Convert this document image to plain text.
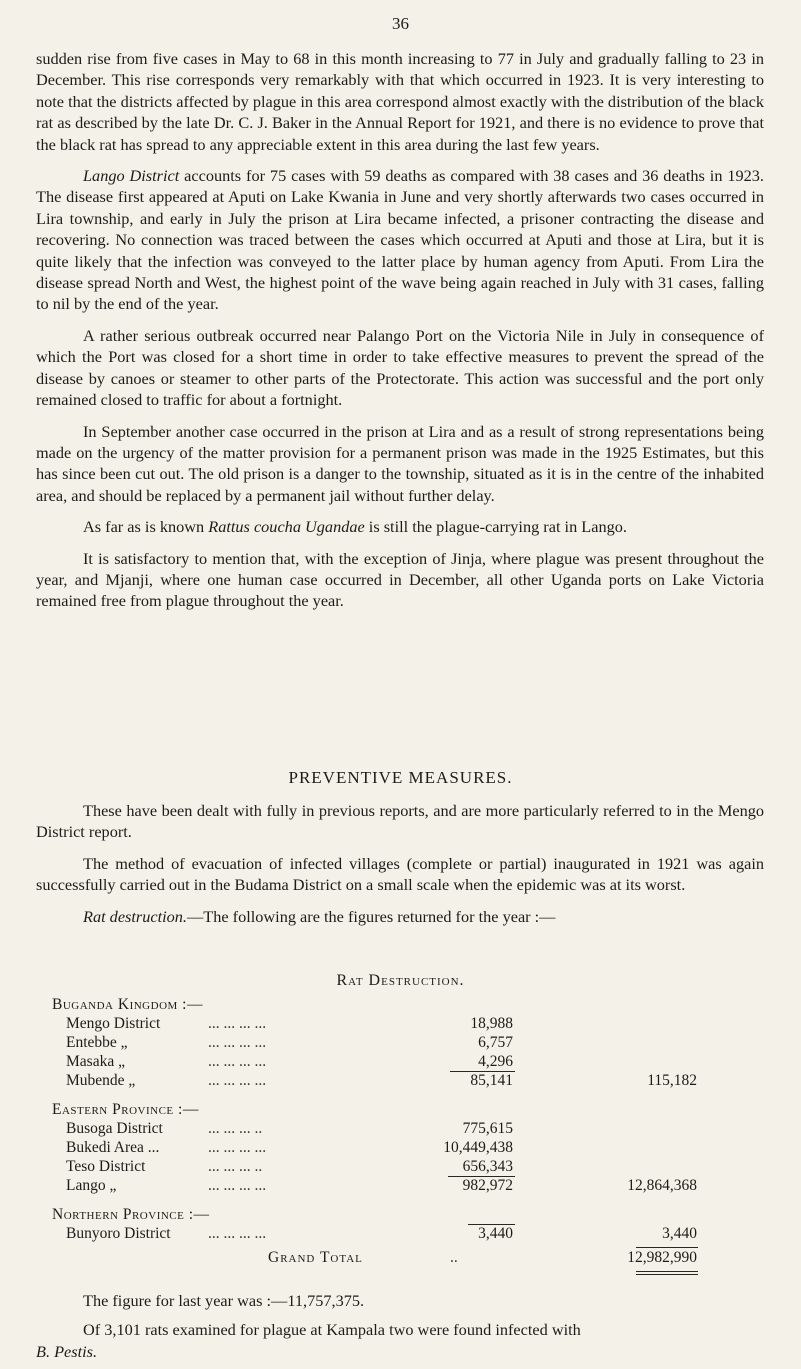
36

sudden rise from five cases in May to 68 in this month increasing to 77 in July and gradually falling to 23 in December. This rise corresponds very remarkably with that which occurred in 1923. It is very interesting to note that the districts affected by plague in this area correspond almost exactly with the distribution of the black rat as described by the late Dr. C. J. Baker in the Annual Report for 1921, and there is no evidence to prove that the black rat has spread to any appreciable extent in this area during the last few years.

Lango District accounts for 75 cases with 59 deaths as compared with 38 cases and 36 deaths in 1923. The disease first appeared at Aputi on Lake Kwania in June and very shortly afterwards two cases occurred in Lira township, and early in July the prison at Lira became infected, a prisoner contracting the disease and recovering. No connection was traced between the cases which occurred at Aputi and those at Lira, but it is quite likely that the infection was conveyed to the latter place by human agency from Aputi. From Lira the disease spread North and West, the highest point of the wave being again reached in July with 31 cases, falling to nil by the end of the year.

A rather serious outbreak occurred near Palango Port on the Victoria Nile in July in consequence of which the Port was closed for a short time in order to take effective measures to prevent the spread of the disease by canoes or steamer to other parts of the Protectorate. This action was successful and the port only remained closed to traffic for about a fortnight.

In September another case occurred in the prison at Lira and as a result of strong representations being made on the urgency of the matter provision for a permanent prison was made in the 1925 Estimates, but this has since been cut out. The old prison is a danger to the township, situated as it is in the centre of the inhabited area, and should be replaced by a permanent jail without further delay.

As far as is known Rattus coucha Ugandae is still the plague-carrying rat in Lango.

It is satisfactory to mention that, with the exception of Jinja, where plague was present throughout the year, and Mjanji, where one human case occurred in December, all other Uganda ports on Lake Victoria remained free from plague throughout the year.

PREVENTIVE MEASURES.

These have been dealt with fully in previous reports, and are more particularly referred to in the Mengo District report.

The method of evacuation of infected villages (complete or partial) inaugurated in 1921 was again successfully carried out in the Budama District on a small scale when the epidemic was at its worst.

Rat destruction.—The following are the figures returned for the year :—

Rat Destruction.
Buganda Kingdom :—
Mengo District	... ... ... ...	18,988
Entebbe „	... ... ... ...	6,757
Masaka „	... ... ... ...	4,296
Mubende „	... ... ... ...	85,141	115,182
Eastern Province :—
Busoga District	... ... ... ..	775,615
Bukedi Area ...	... ... ... ...	10,449,438
Teso District	... ... ... ..	656,343
Lango „	... ... ... ...	982,972	12,864,368
Northern Province :—
Bunyoro District ... ... ... ...	3,440	3,440
Grand Total	..	12,982,990

The figure for last year was :—11,757,375.

Of 3,101 rats examined for plague at Kampala two were found infected with

B. Pestis.
